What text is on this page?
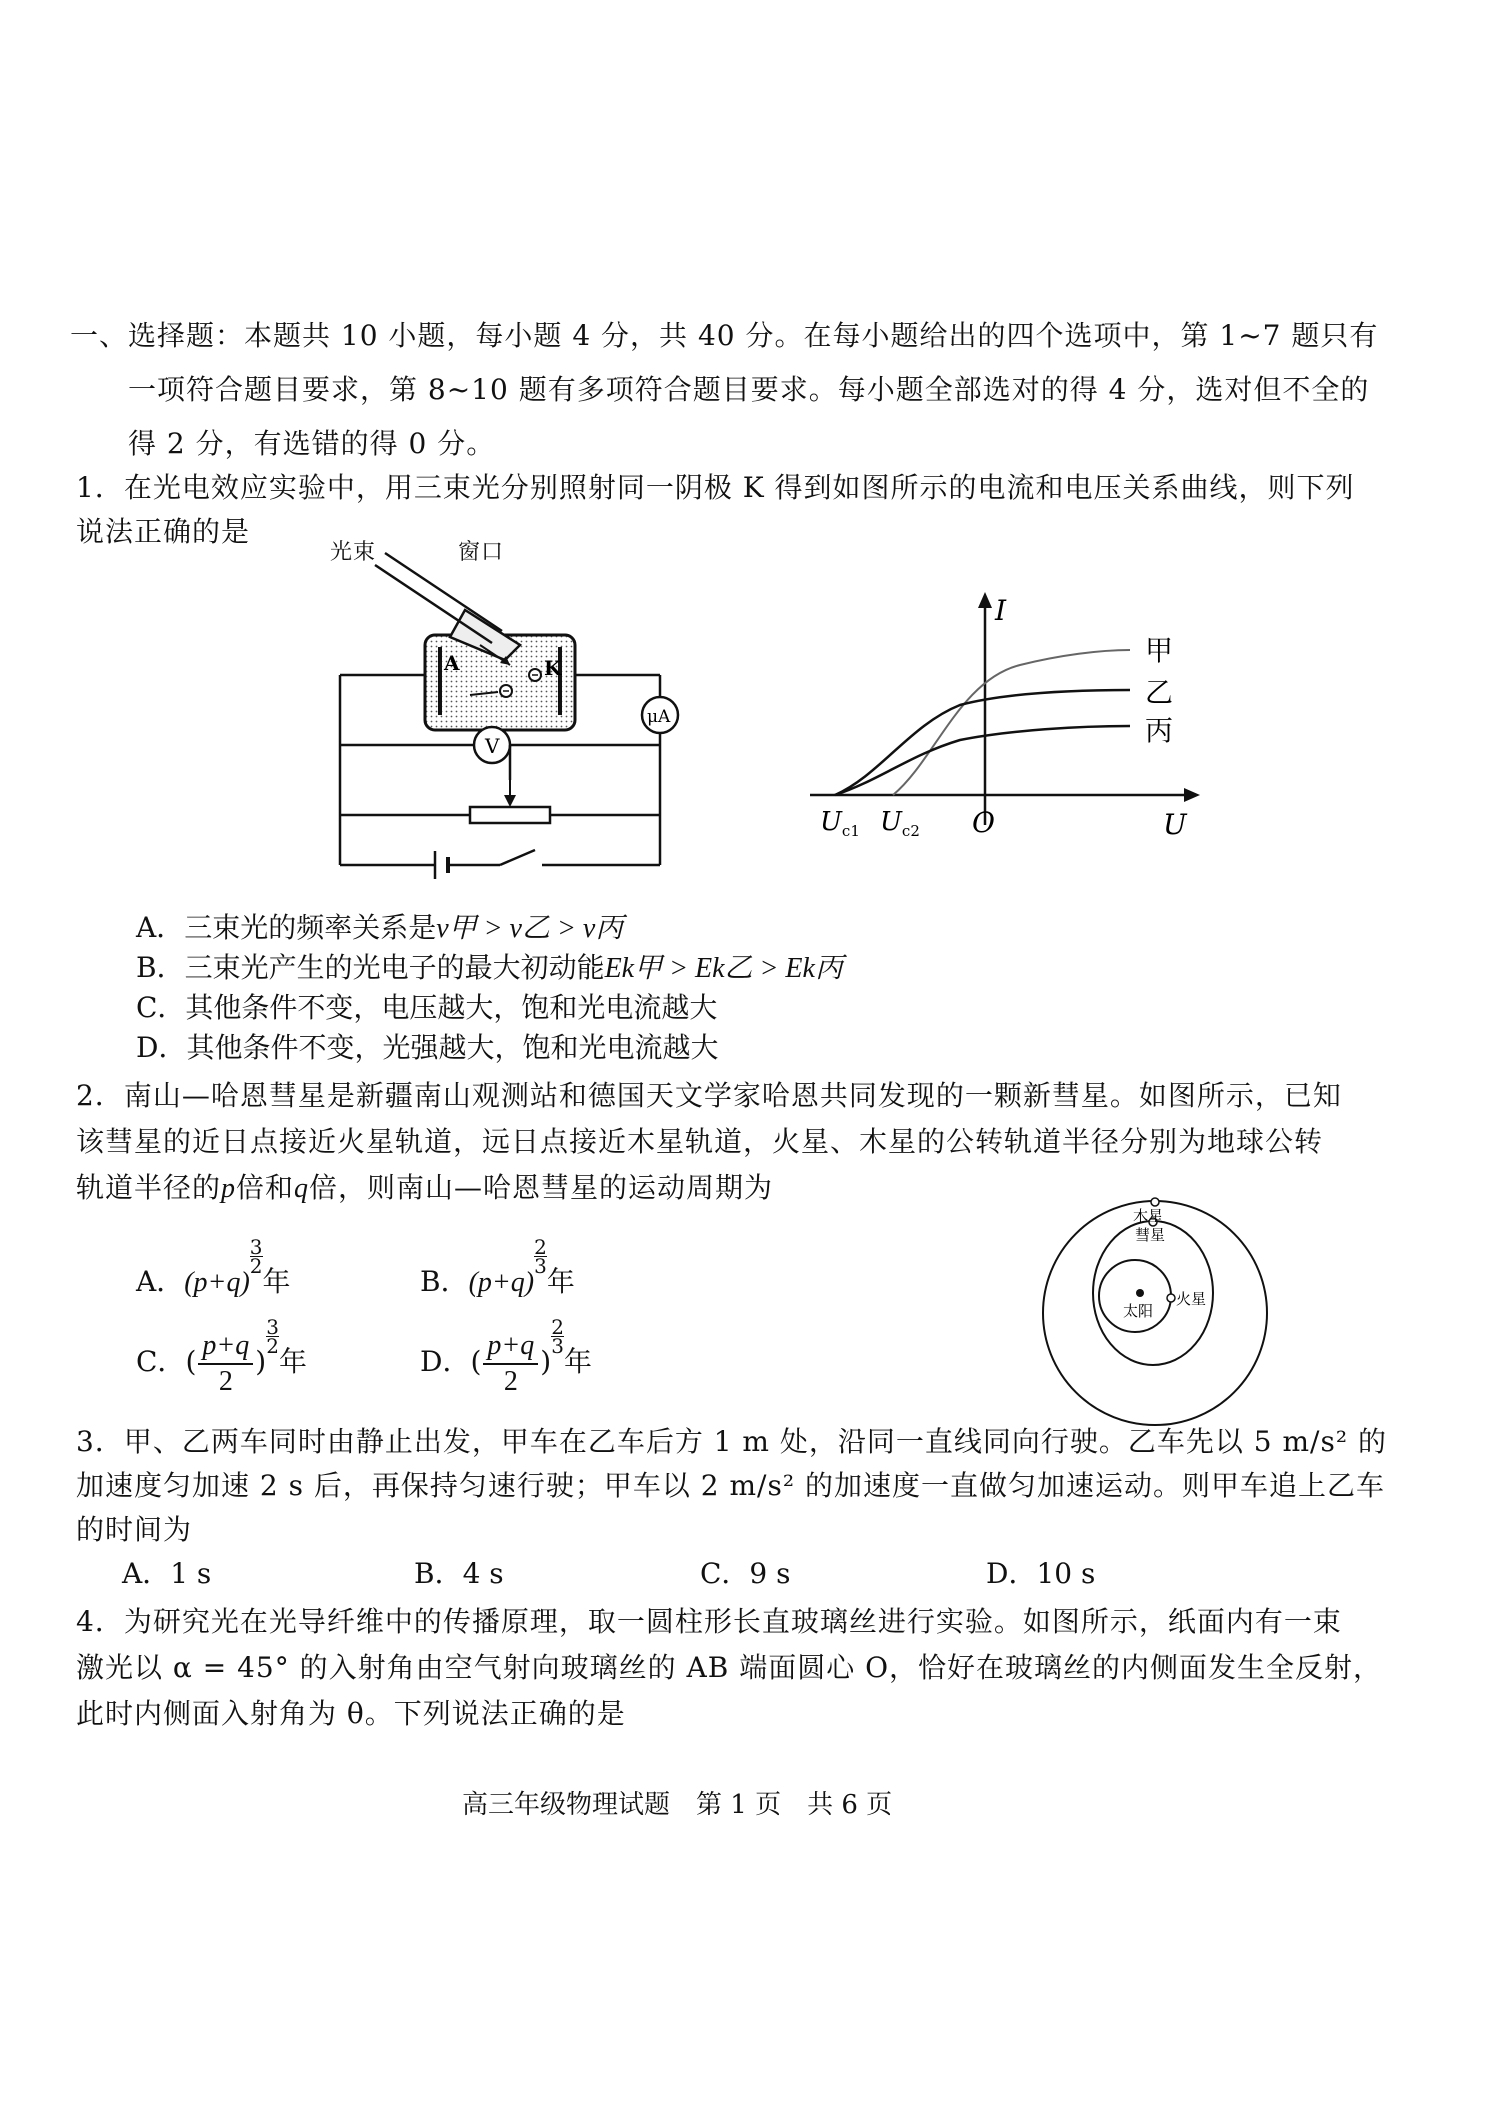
一、选择题：本题共 10 小题，每小题 4 分，共 40 分。在每小题给出的四个选项中，第 1~7 题只有
一项符合题目要求，第 8~10 题有多项符合题目要求。每小题全部选对的得 4 分，选对但不全的
得 2 分，有选错的得 0 分。
1．在光电效应实验中，用三束光分别照射同一阴极 K 得到如图所示的电流和电压关系曲线，则下列
说法正确的是
A	K
μA
V
光束	窗口
I
U
O
$U_{c1}$ $U_{c2}$
甲
乙
丙
A．三束光的频率关系是ν甲 > ν乙 > ν丙
B．三束光产生的光电子的最大初动能Ek甲 > Ek乙 > Ek丙
C．其他条件不变，电压越大，饱和光电流越大
D．其他条件不变，光强越大，饱和光电流越大
2．南山—哈恩彗星是新疆南山观测站和德国天文学家哈恩共同发现的一颗新彗星。如图所示，已知
该彗星的近日点接近火星轨道，远日点接近木星轨道，火星、木星的公转轨道半径分别为地球公转
轨道半径的p倍和q倍，则南山—哈恩彗星的运动周期为
A．(p+q)
$\frac{3}{2}$
年	B．(p+q)
$\frac{2}{3}$
年
C．( $\frac{p+q}{2}$ )
$\frac{3}{2}$
年	D．( $\frac{p+q}{2}$ )
$\frac{2}{3}$
年
木星
彗星
太阳
火星
3．甲、乙两车同时由静止出发，甲车在乙车后方 1 m 处，沿同一直线同向行驶。乙车先以 5 m/s² 的
加速度匀加速 2 s 后，再保持匀速行驶；甲车以 2 m/s² 的加速度一直做匀加速运动。则甲车追上乙车
的时间为
A．1 s	B．4 s	C．9 s	D．10 s
4．为研究光在光导纤维中的传播原理，取一圆柱形长直玻璃丝进行实验。如图所示，纸面内有一束
激光以 α = 45° 的入射角由空气射向玻璃丝的 AB 端面圆心 O，恰好在玻璃丝的内侧面发生全反射，
此时内侧面入射角为 θ。下列说法正确的是
高三年级物理试题　第 1 页　共 6 页
